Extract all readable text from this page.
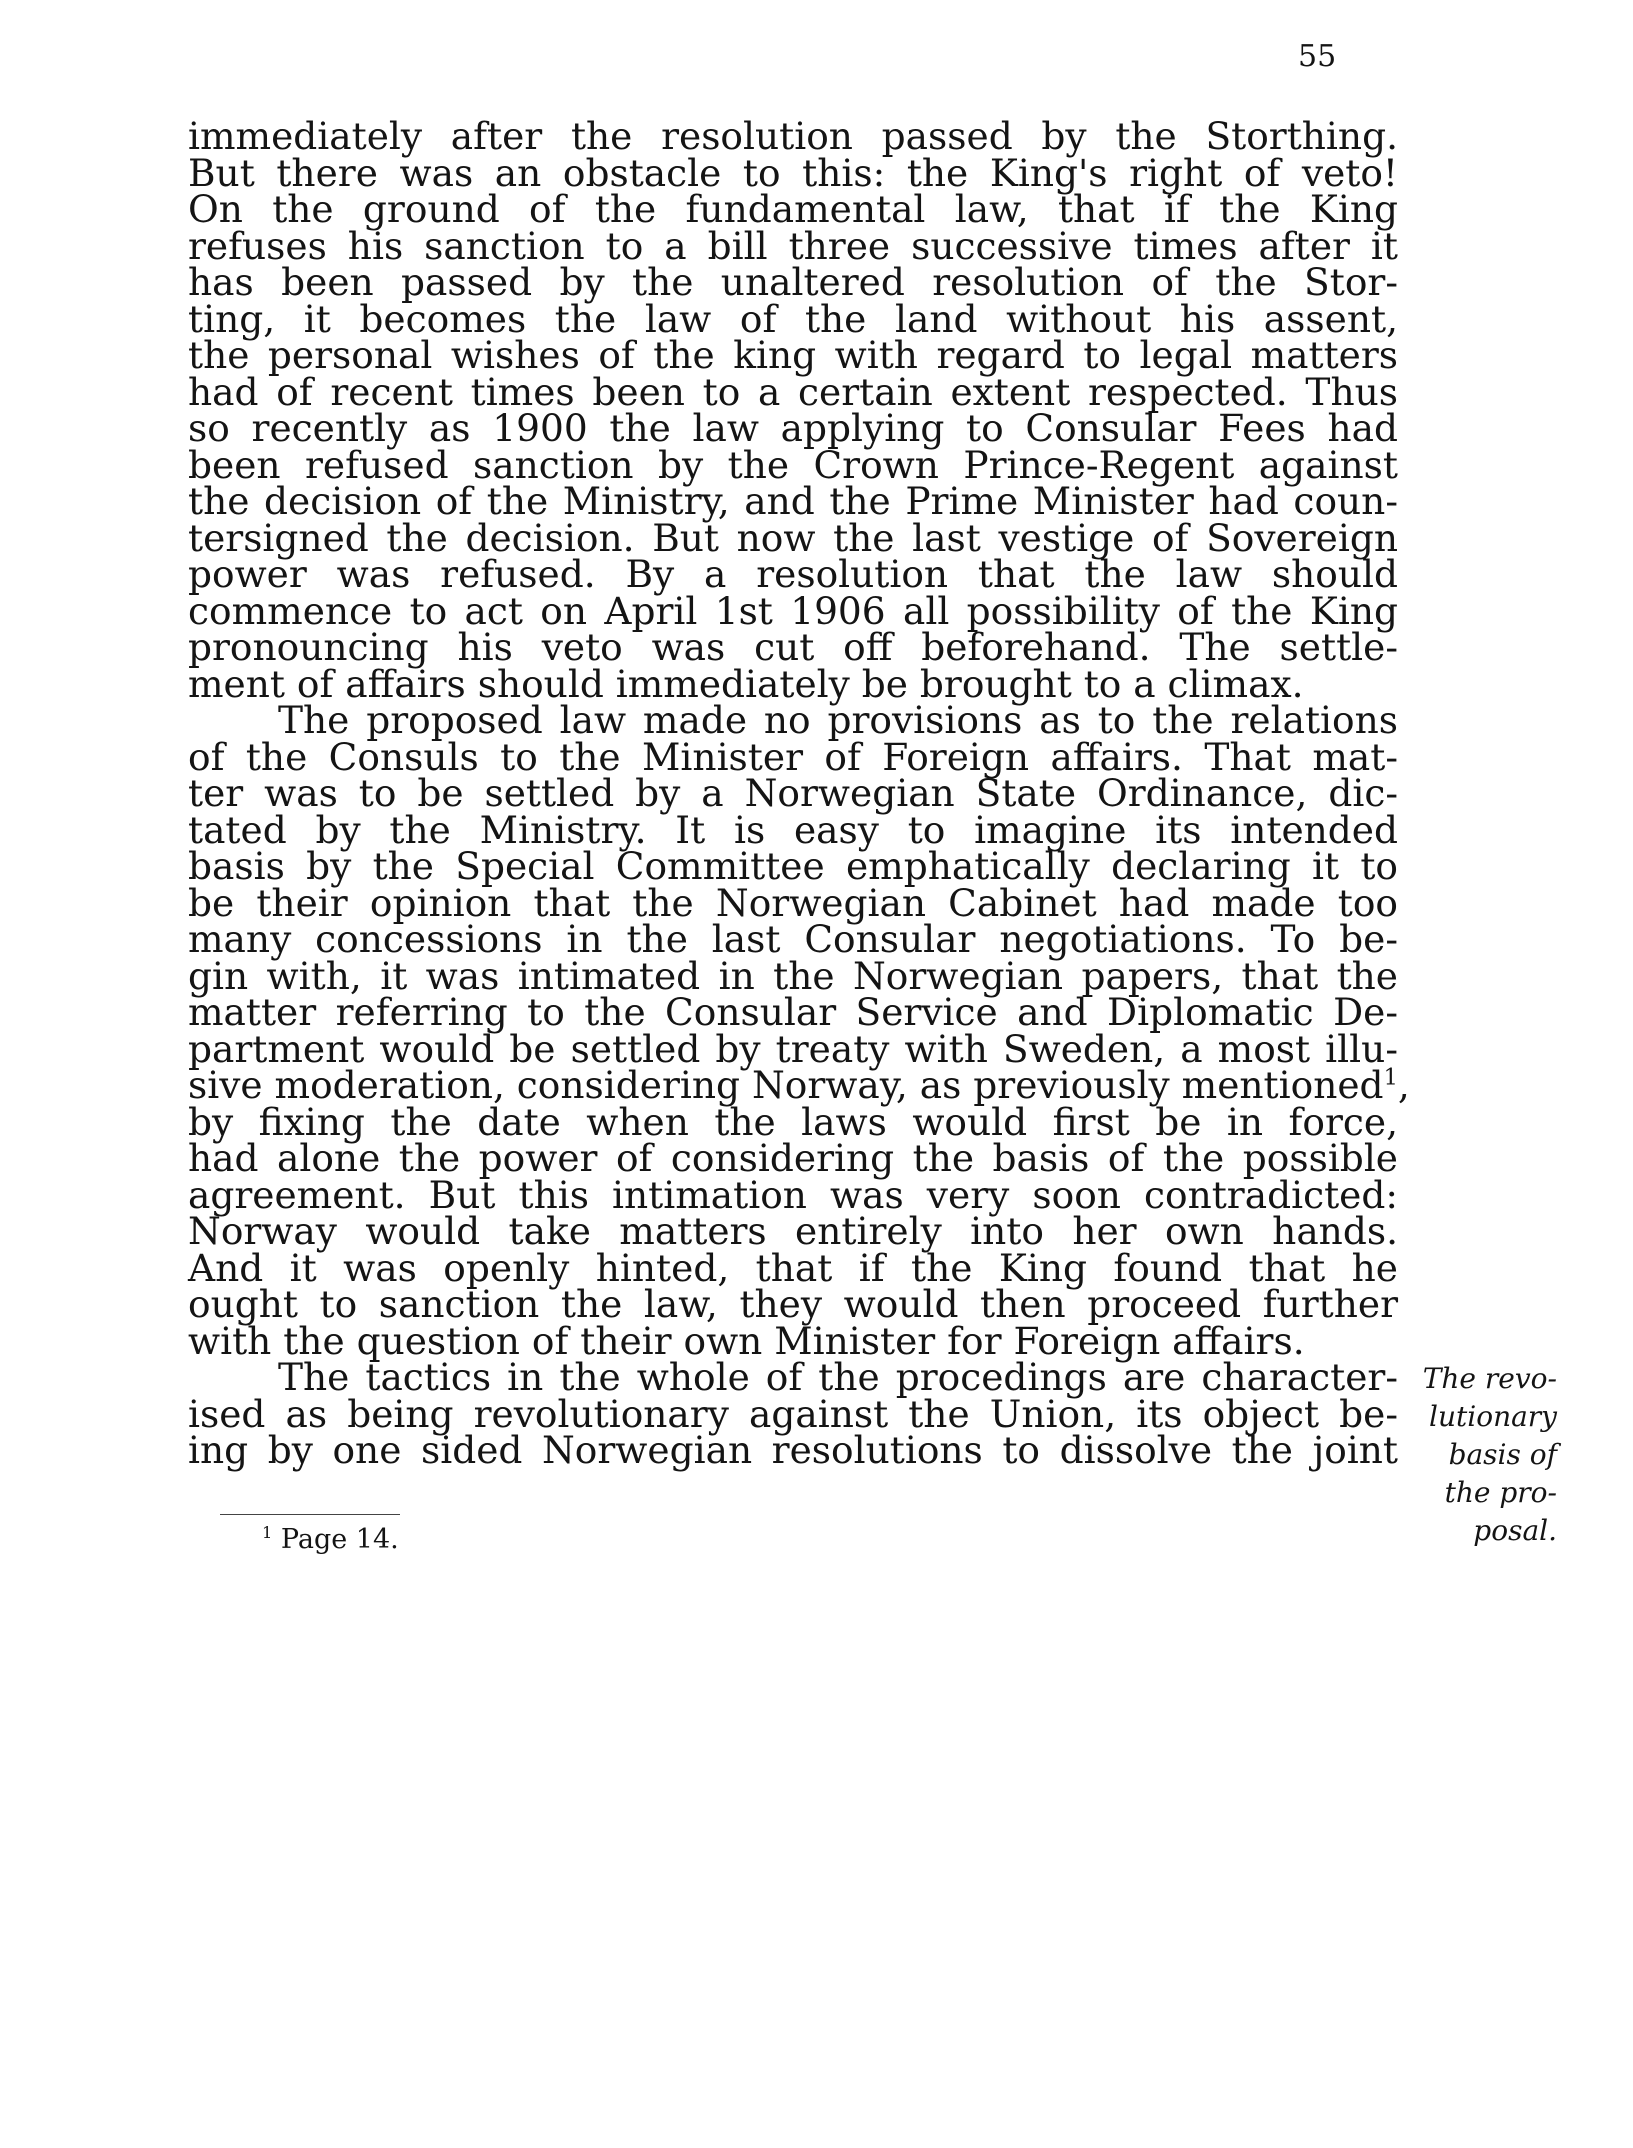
55
immediately after the resolution passed by the Storthing.
But there was an obstacle to this: the King's right of veto!
On the ground of the fundamental law, that if the King
refuses his sanction to a bill three successive times after it
has been passed by the unaltered resolution of the Stor-
ting, it becomes the law of the land without his assent,
the personal wishes of the king with regard to legal matters
had of recent times been to a certain extent respected. Thus
so recently as 1900 the law applying to Consular Fees had
been refused sanction by the Crown Prince-Regent against
the decision of the Ministry, and the Prime Minister had coun-
tersigned the decision. But now the last vestige of Sovereign
power was refused. By a resolution that the law should
commence to act on April 1st 1906 all possibility of the King
pronouncing his veto was cut off beforehand. The settle-
ment of affairs should immediately be brought to a climax.
The proposed law made no provisions as to the relations
of the Consuls to the Minister of Foreign affairs. That mat-
ter was to be settled by a Norwegian State Ordinance, dic-
tated by the Ministry. It is easy to imagine its intended
basis by the Special Committee emphatically declaring it to
be their opinion that the Norwegian Cabinet had made too
many concessions in the last Consular negotiations. To be-
gin with, it was intimated in the Norwegian papers, that the
matter referring to the Consular Service and Diplomatic De-
partment would be settled by treaty with Sweden, a most illu-
sive moderation, considering Norway, as previously mentioned$^1$,
by fixing the date when the laws would first be in force,
had alone the power of considering the basis of the possible
agreement. But this intimation was very soon contradicted:
Norway would take matters entirely into her own hands.
And it was openly hinted, that if the King found that he
ought to sanction the law, they would then proceed further
with the question of their own Minister for Foreign affairs.
The tactics in the whole of the procedings are character-
ised as being revolutionary against the Union, its object be-
ing by one sided Norwegian resolutions to dissolve the joint
$^1$ Page 14.
The revo-
lutionary
basis of
the pro-
posal.
